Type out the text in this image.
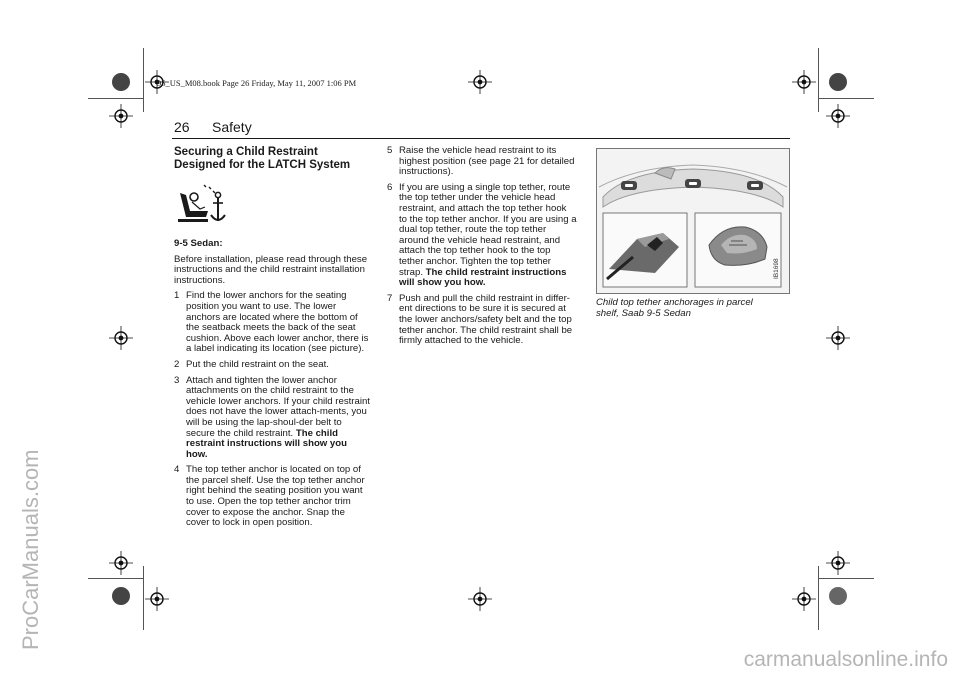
95_US_M08.book Page 26 Friday, May 11, 2007 1:06 PM
ProCarManuals.com
26 Safety
Securing a Child Restraint
Designed for the LATCH System

9-5 Sedan:

Before installation, please read through these instructions and the child restraint installation instructions.

1 Find the lower anchors for the seating position you want to use. The lower anchors are located where the bottom of the seatback meets the back of the seat cushion. Above each lower anchor, there is a label indicating its location (see picture).
2 Put the child restraint on the seat.
3 Attach and tighten the lower anchor attachments on the child restraint to the vehicle lower anchors. If your child restraint does not have the lower attach-ments, you will be using the lap-shoul-der belt to secure the child restraint. The child restraint instructions will show you how.
4 The top tether anchor is located on top of the parcel shelf. Use the top tether anchor right behind the seating position you want to use. Open the top tether anchor trim cover to expose the anchor. Snap the cover to lock in open position.
5 Raise the vehicle head restraint to its highest position (see page 21 for detailed instructions).
6 If you are using a single top tether, route the top tether under the vehicle head restraint, and attach the top tether hook to the top tether anchor. If you are using a dual top tether, route the top tether around the vehicle head restraint, and attach the top tether hook to the top tether anchor. Tighten the top tether strap. The child restraint instructions will show you how.
7 Push and pull the child restraint in differ-ent directions to be sure it is secured at the lower anchors/safety belt and the top tether anchor. The child restraint shall be firmly attached to the vehicle.
IB1698
Child top tether anchorages in parcel shelf, Saab 9-5 Sedan
carmanualsonline.info
